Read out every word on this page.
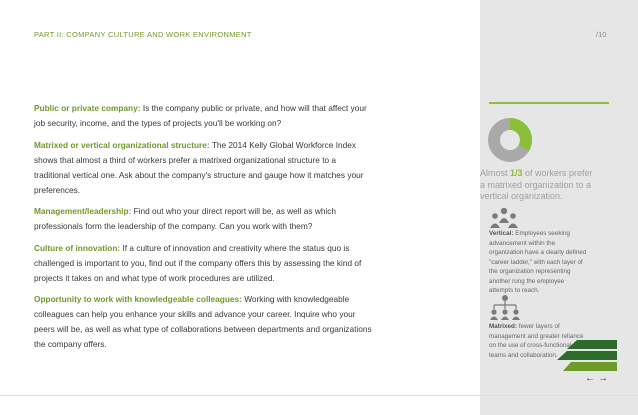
PART II: COMPANY CULTURE AND WORK ENVIRONMENT	/10

Public or private company: Is the company public or private, and how will that affect your job security, income, and the types of projects you'll be working on?

Matrixed or vertical organizational structure: The 2014 Kelly Global Workforce Index shows that almost a third of workers prefer a matrixed organizational structure to a traditional vertical one. Ask about the company's structure and gauge how it matches your preferences.

Management/leadership: Find out who your direct report will be, as well as which professionals form the leadership of the company. Can you work with them?

Culture of innovation: If a culture of innovation and creativity where the status quo is challenged is important to you, find out if the company offers this by assessing the kind of projects it takes on and what type of work procedures are utilized.

Opportunity to work with knowledgeable colleagues: Working with knowledgeable colleagues can help you enhance your skills and advance your career. Inquire who your peers will be, as well as what type of collaborations between departments and organizations the company offers.

Almost 1/3 of workers prefer a matrixed organization to a vertical organization.
Vertical: Employees seeking advancement within the organization have a clearly defined "career ladder," with each layer of the organization representing another rung the employee attempts to reach.
Matrixed: fewer layers of management and greater reliance on the use of cross-functional teams and collaboration.
←→
